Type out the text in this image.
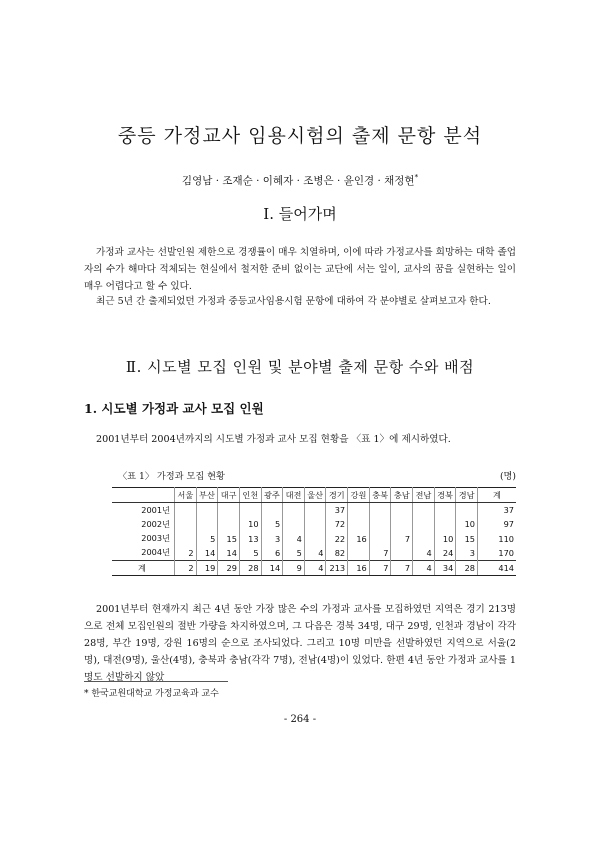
중등 가정교사 임용시험의 출제 문항 분석
김영남 · 조재순 · 이혜자 · 조병은 · 윤인경 · 채정현*
Ⅰ. 들어가며
가정과 교사는 선발인원 제한으로 경쟁률이 매우 치열하며, 이에 따라 가정교사를 희망하는 대학 졸업자의 수가 해마다 적체되는 현실에서 철저한 준비 없이는 교단에 서는 일이, 교사의 꿈을 실현하는 일이 매우 어렵다고 할 수 있다.
최근 5년 간 출제되었던 가정과 중등교사임용시험 문항에 대하여 각 분야별로 살펴보고자 한다.
Ⅱ. 시도별 모집 인원 및 분야별 출제 문항 수와 배점
1. 시도별 가정과 교사 모집 인원
2001년부터 2004년까지의 시도별 가정과 교사 모집 현황을 〈표 1〉에 제시하였다.
〈표 1〉 가정과 모집 현황	(명)
	서울	부산	대구	인천	광주	대전	울산	경기	강원	충북	충남	전남	경북	경남	계
2001년								37							37
2002년				10	5			72						10	97
2003년		5	15	13	3	4		22	16		7		10	15	110
2004년	2	14	14	5	6	5	4	82		7		4	24	3	170
계	2	19	29	28	14	9	4	213	16	7	7	4	34	28	414
2001년부터 현재까지 최근 4년 동안 가장 많은 수의 가정과 교사를 모집하였던 지역은 경기 213명으로 전체 모집인원의 절반 가량을 차지하였으며, 그 다음은 경북 34명, 대구 29명, 인천과 경남이 각각 28명, 부간 19명, 강원 16명의 순으로 조사되었다. 그리고 10명 미만을 선발하였던 지역으로 서울(2명), 대전(9명), 울산(4명), 충북과 충남(각각 7명), 전남(4명)이 있었다. 한편 4년 동안 가정과 교사를 1명도 선발하지 않았
* 한국교원대학교 가정교육과 교수
- 264 -
